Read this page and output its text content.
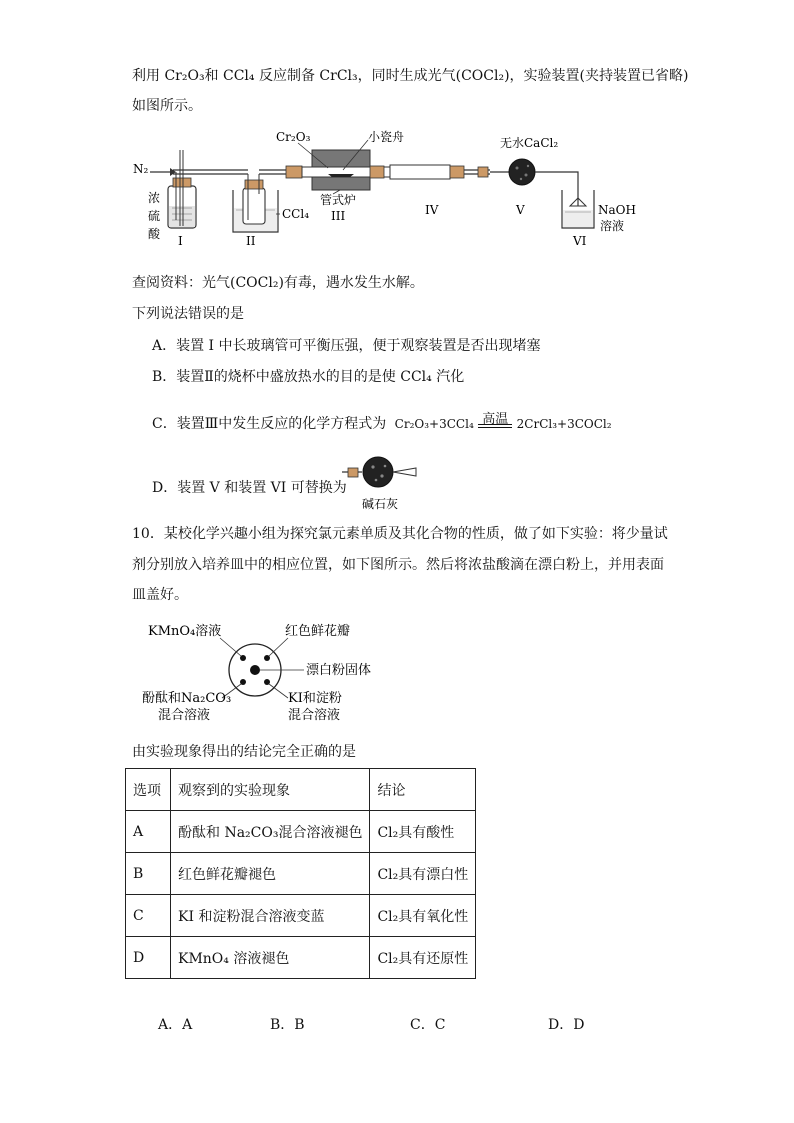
利用 Cr₂O₃和 CCl₄ 反应制备 CrCl₃，同时生成光气(COCl₂)，实验装置(夹持装置已省略)
如图所示。
N₂
浓
硫
酸 I
CCl₄
II
Cr₂O₃	小瓷舟
管式炉
III	IV
无水CaCl₂
V	NaOH
溶液
VI
查阅资料：光气(COCl₂)有毒，遇水发生水解。
下列说法错误的是
A．装置 I 中长玻璃管可平衡压强，便于观察装置是否出现堵塞
B．装置Ⅱ的烧杯中盛放热水的目的是使 CCl₄ 汽化
C．装置Ⅲ中发生反应的化学方程式为 Cr₂O₃+3CCl₄ 高温 2CrCl₃+3COCl₂
D．装置 V 和装置 VI 可替换为
碱石灰
10．某校化学兴趣小组为探究氯元素单质及其化合物的性质，做了如下实验：将少量试
剂分别放入培养皿中的相应位置，如下图所示。然后将浓盐酸滴在漂白粉上，并用表面
皿盖好。
KMnO₄溶液	红色鲜花瓣
漂白粉固体
酚酞和Na₂CO₃
混合溶液
KI和淀粉
混合溶液
由实验现象得出的结论完全正确的是
选项	观察到的实验现象	结论
A	酚酞和 Na₂CO₃混合溶液褪色	Cl₂具有酸性
B	红色鲜花瓣褪色	Cl₂具有漂白性
C	KI 和淀粉混合溶液变蓝	Cl₂具有氧化性
D	KMnO₄ 溶液褪色	Cl₂具有还原性
A．A	B．B	C．C	D．D
